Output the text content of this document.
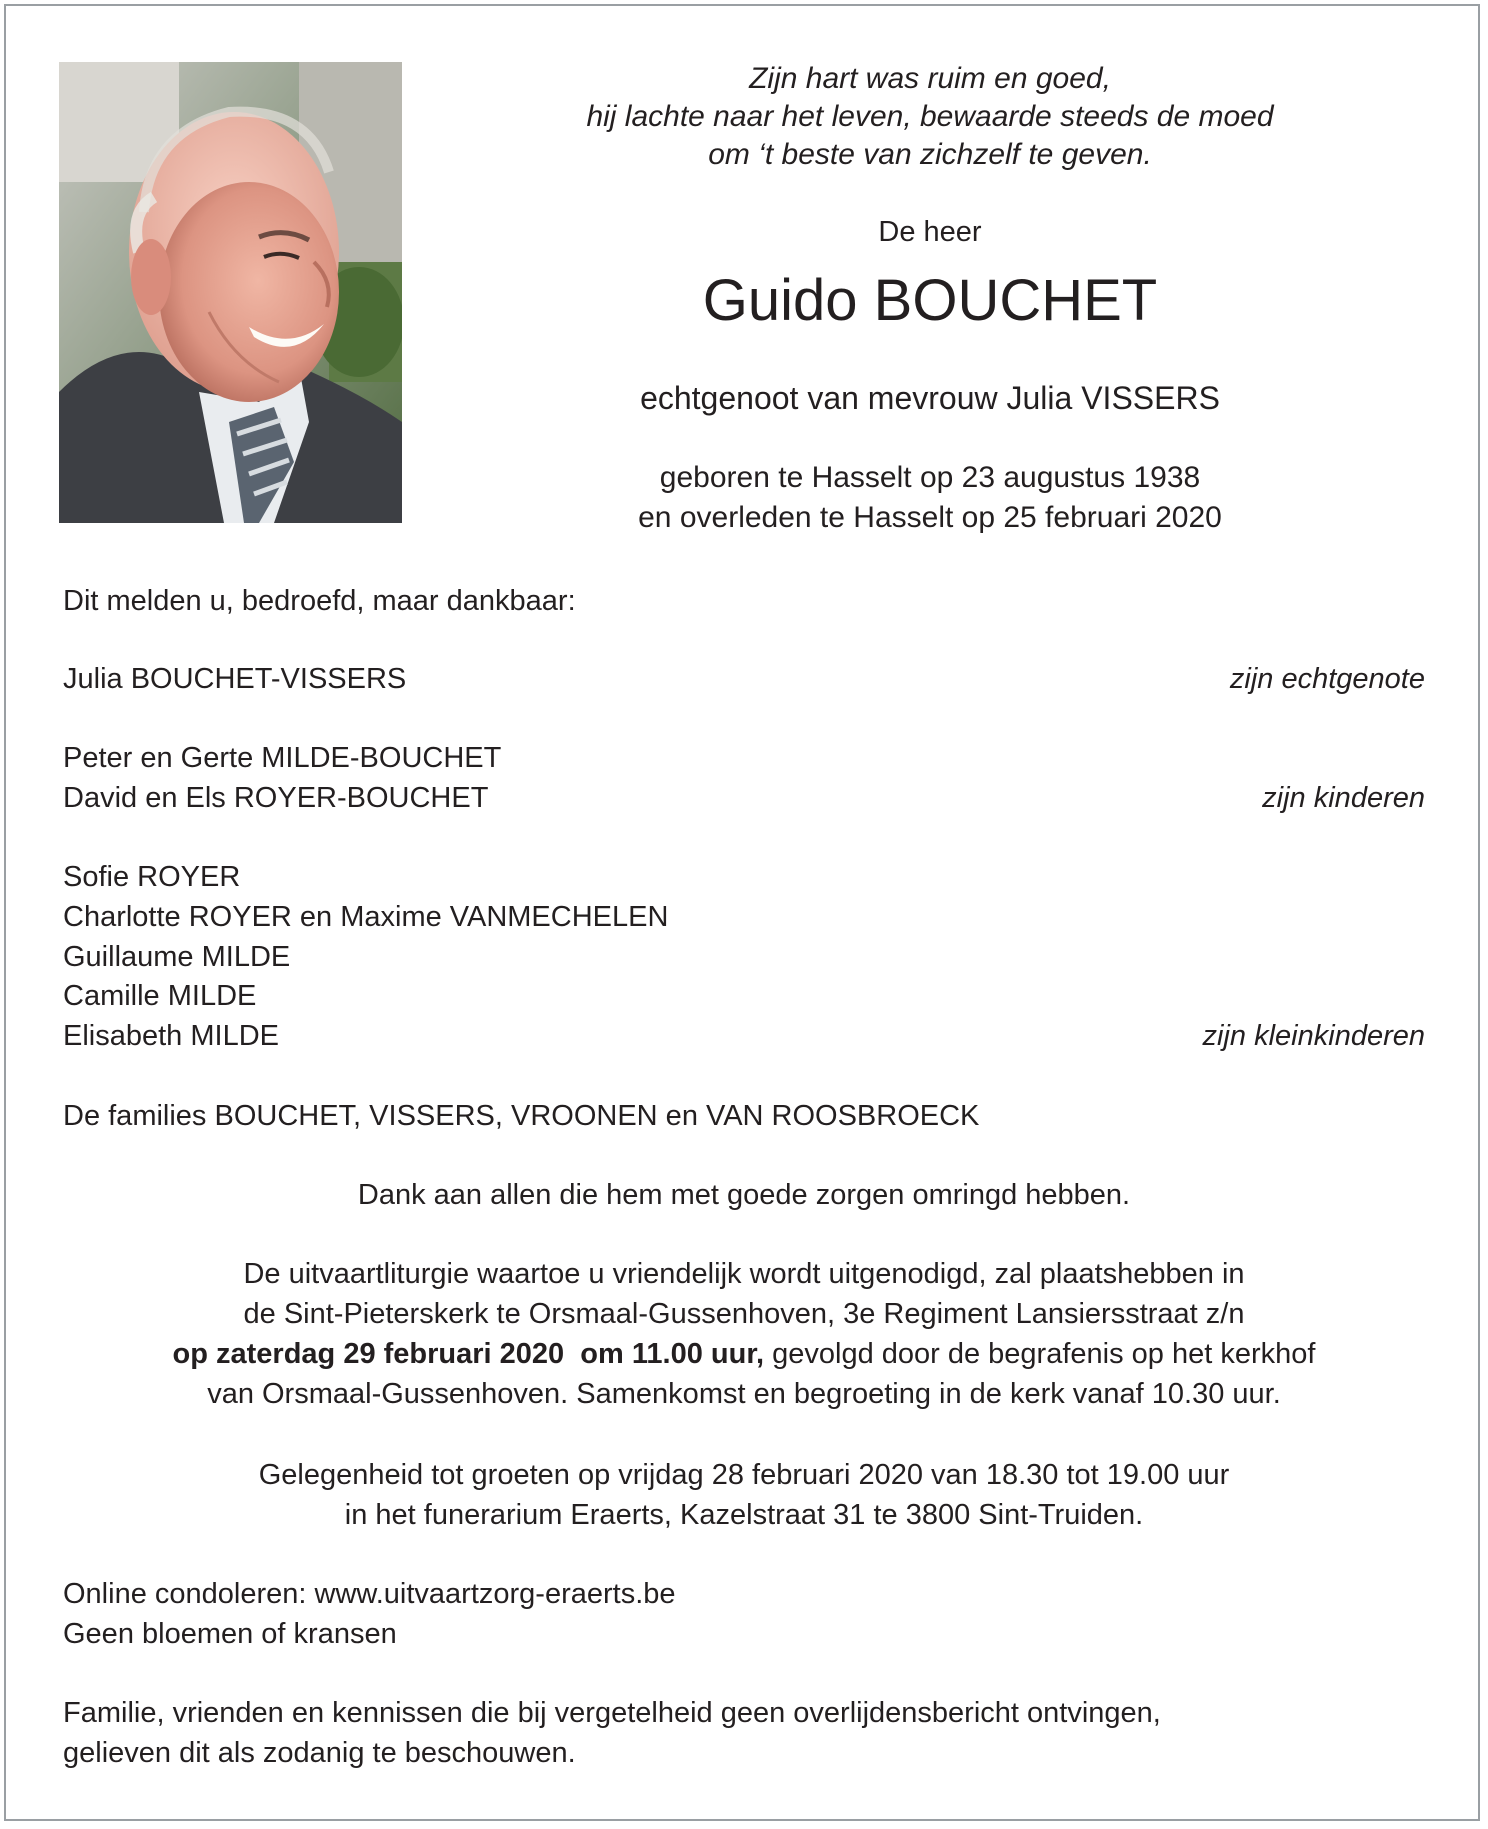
Zijn hart was ruim en goed,
hij lachte naar het leven, bewaarde steeds de moed
om ‘t beste van zichzelf te geven.
De heer
Guido BOUCHET
echtgenoot van mevrouw Julia VISSERS
geboren te Hasselt op 23 augustus 1938
en overleden te Hasselt op 25 februari 2020
Dit melden u, bedroefd, maar dankbaar:
Julia BOUCHET-VISSERS	zijn echtgenote
Peter en Gerte MILDE-BOUCHET
David en Els ROYER-BOUCHET	zijn kinderen
Sofie ROYER
Charlotte ROYER en Maxime VANMECHELEN
Guillaume MILDE
Camille MILDE
Elisabeth MILDE	zijn kleinkinderen
De families BOUCHET, VISSERS, VROONEN en VAN ROOSBROECK
Dank aan allen die hem met goede zorgen omringd hebben.
De uitvaartliturgie waartoe u vriendelijk wordt uitgenodigd, zal plaatshebben in
de Sint-Pieterskerk te Orsmaal-Gussenhoven, 3e Regiment Lansiersstraat z/n
op zaterdag 29 februari 2020  om 11.00 uur, gevolgd door de begrafenis op het kerkhof
van Orsmaal-Gussenhoven. Samenkomst en begroeting in de kerk vanaf 10.30 uur.
Gelegenheid tot groeten op vrijdag 28 februari 2020 van 18.30 tot 19.00 uur
in het funerarium Eraerts, Kazelstraat 31 te 3800 Sint-Truiden.
Online condoleren: www.uitvaartzorg-eraerts.be
Geen bloemen of kransen
Familie, vrienden en kennissen die bij vergetelheid geen overlijdensbericht ontvingen,
gelieven dit als zodanig te beschouwen.
